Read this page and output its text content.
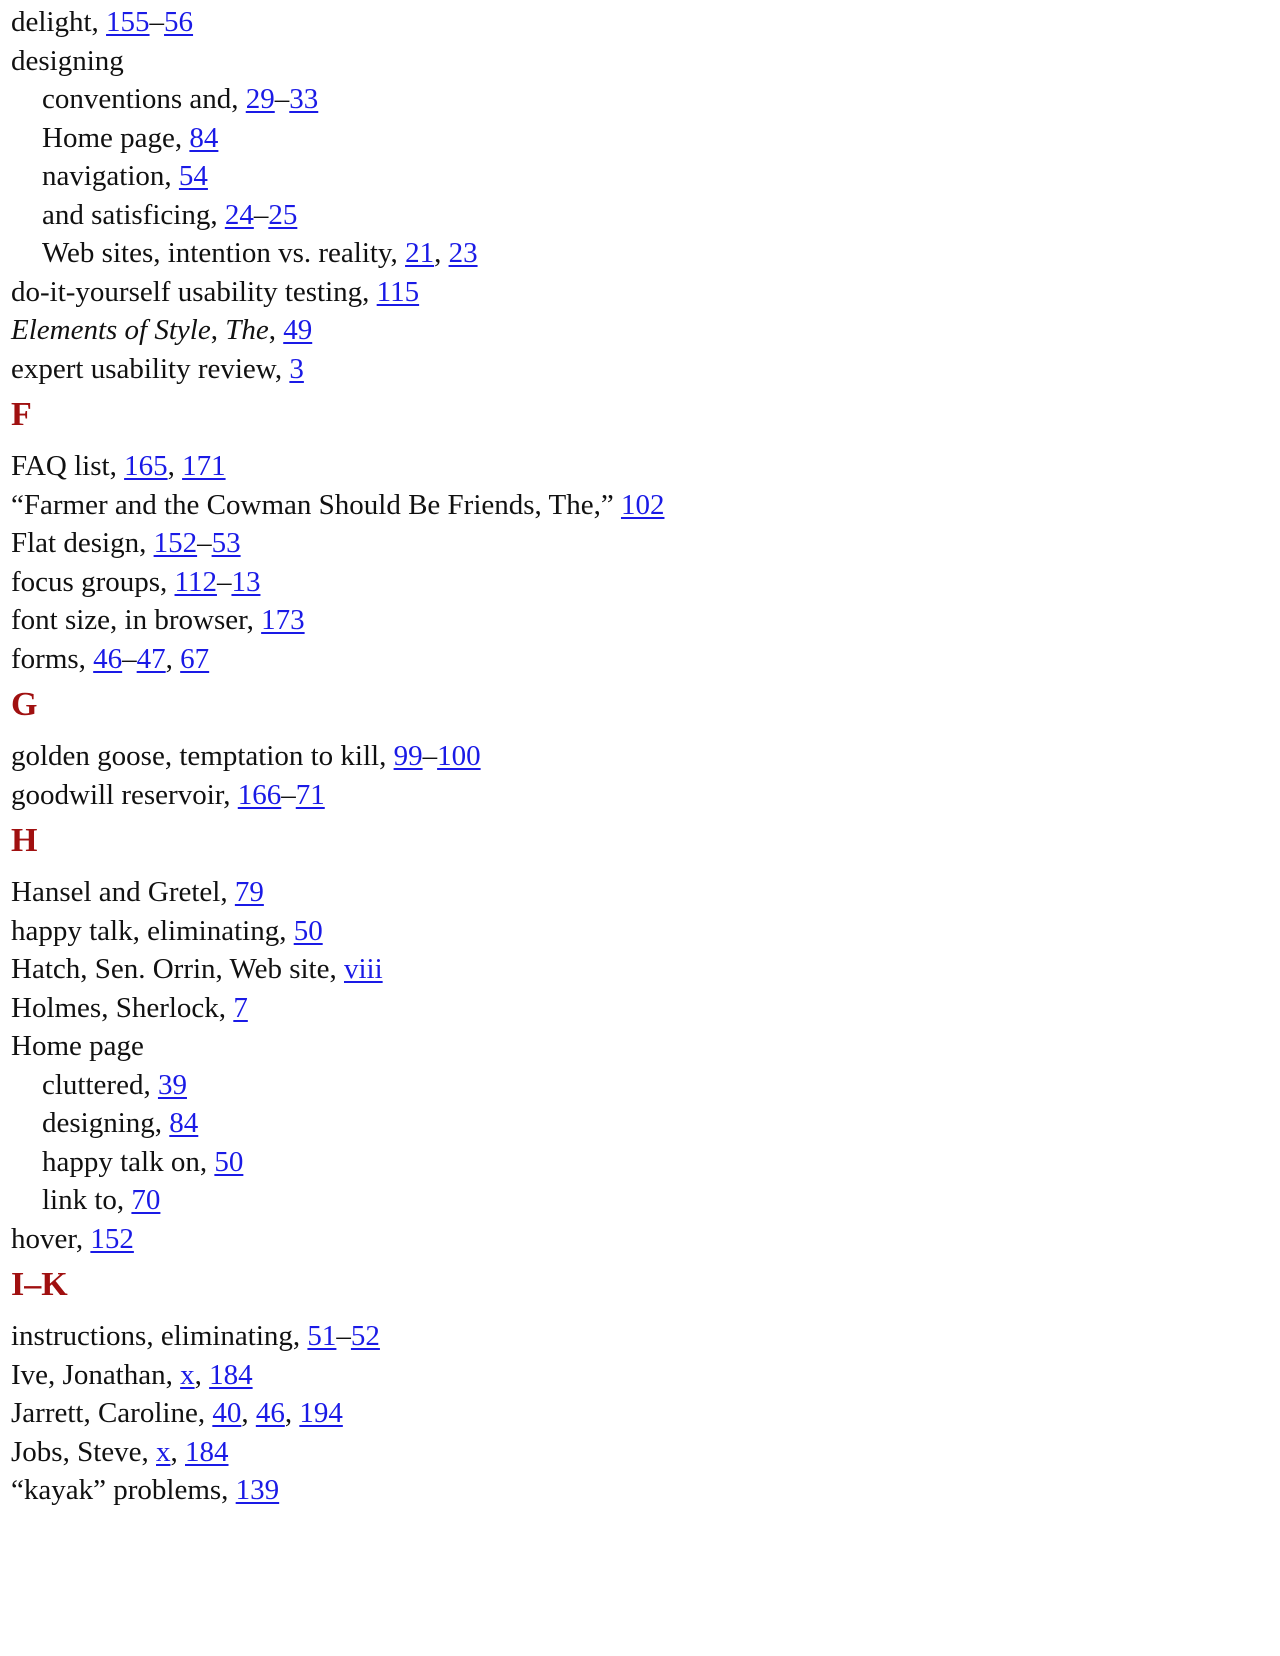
delight, 155–56
designing
conventions and, 29–33
Home page, 84
navigation, 54
and satisficing, 24–25
Web sites, intention vs. reality, 21, 23
do-it-yourself usability testing, 115
Elements of Style, The, 49
expert usability review, 3
F
FAQ list, 165, 171
“Farmer and the Cowman Should Be Friends, The,” 102
Flat design, 152–53
focus groups, 112–13
font size, in browser, 173
forms, 46–47, 67
G
golden goose, temptation to kill, 99–100
goodwill reservoir, 166–71
H
Hansel and Gretel, 79
happy talk, eliminating, 50
Hatch, Sen. Orrin, Web site, viii
Holmes, Sherlock, 7
Home page
cluttered, 39
designing, 84
happy talk on, 50
link to, 70
hover, 152
I–K
instructions, eliminating, 51–52
Ive, Jonathan, x, 184
Jarrett, Caroline, 40, 46, 194
Jobs, Steve, x, 184
“kayak” problems, 139
